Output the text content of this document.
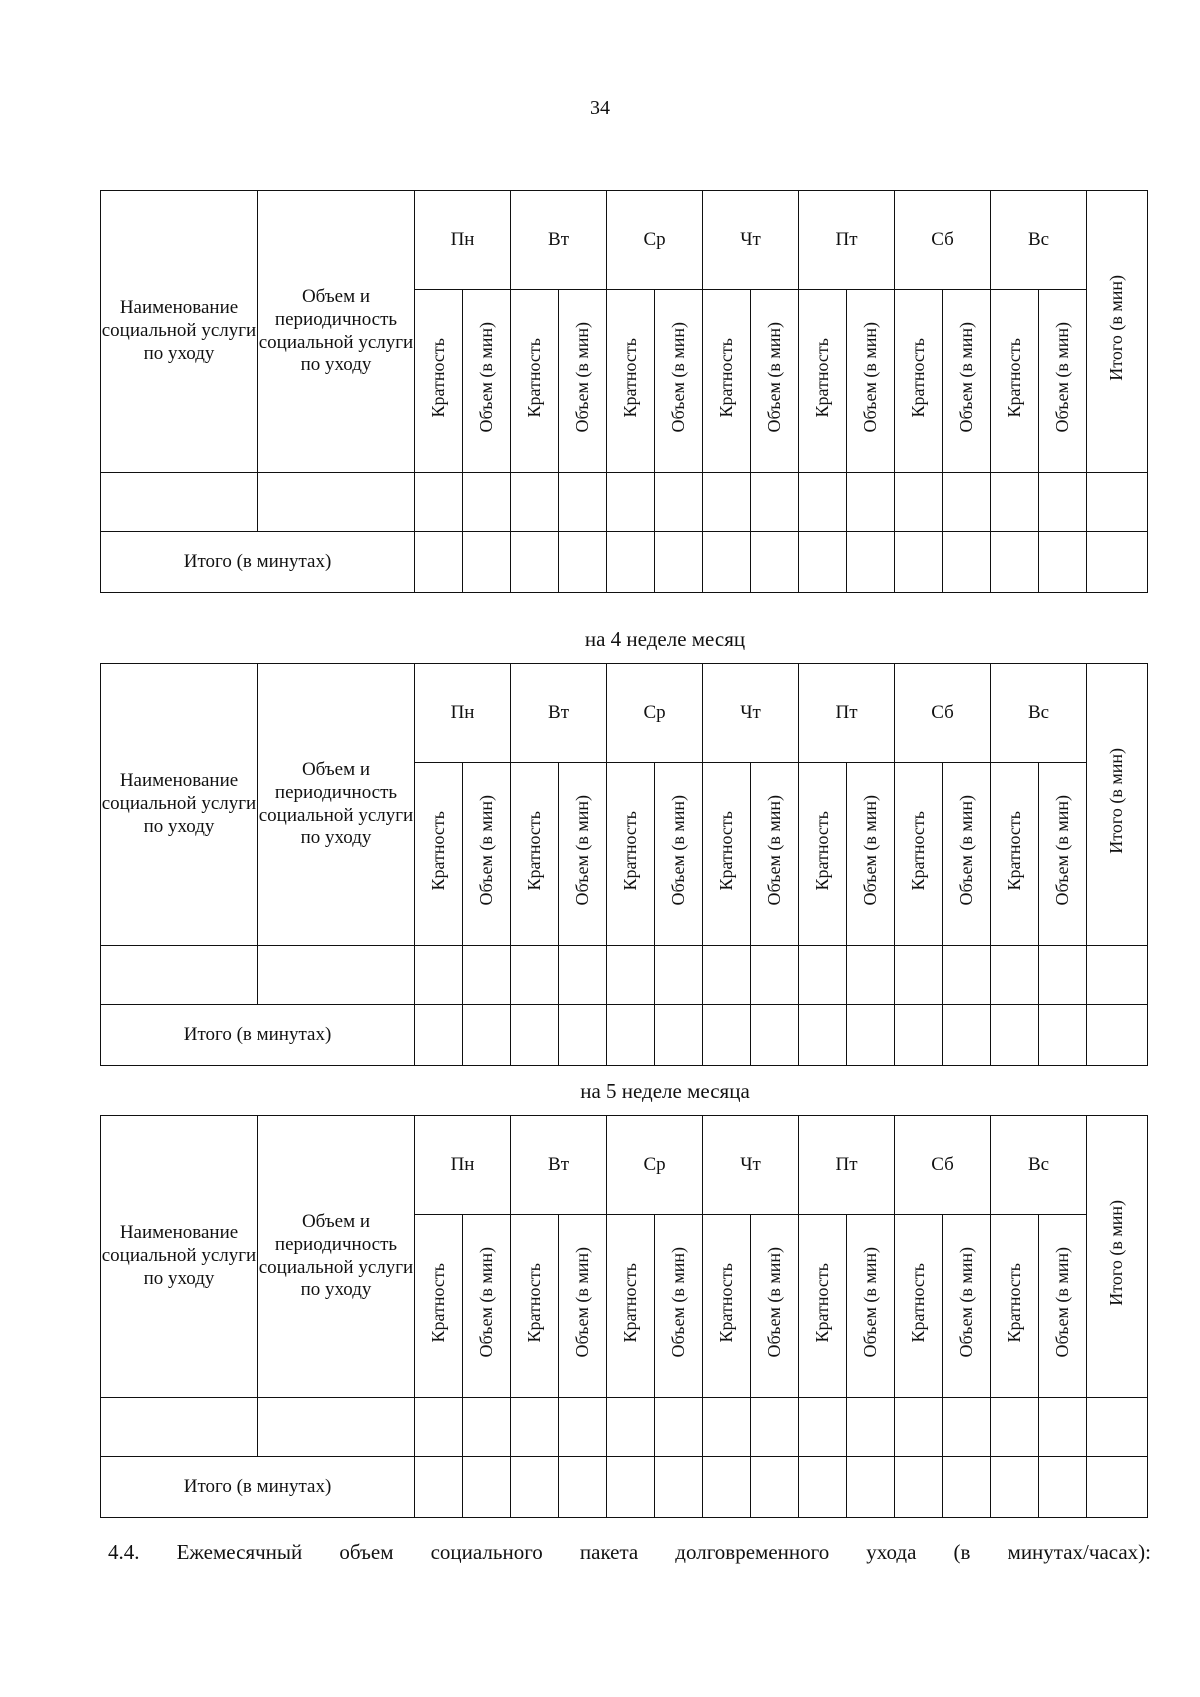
34
Наименование социальной услуги по уходу	Объем и периодичность социальной услуги по уходу	Пн		Вт		Ср		Чт		Пт		Сб		Вс		Итого (в мин)
		Кратность	Объем (в мин)	Кратность	Объем (в мин)	Кратность	Объем (в мин)	Кратность	Объем (в мин)	Кратность	Объем (в мин)	Кратность	Объем (в мин)	Кратность	Объем (в мин)	

Итого (в минутах)																
Наименование социальной услуги по уходу	Объем и периодичность социальной услуги по уходу	Пн		Вт		Ср		Чт		Пт		Сб		Вс		Итого (в мин)
		Кратность	Объем (в мин)	Кратность	Объем (в мин)	Кратность	Объем (в мин)	Кратность	Объем (в мин)	Кратность	Объем (в мин)	Кратность	Объем (в мин)	Кратность	Объем (в мин)	

Итого (в минутах)																
Наименование социальной услуги по уходу	Объем и периодичность социальной услуги по уходу	Пн		Вт		Ср		Чт		Пт		Сб		Вс		Итого (в мин)
		Кратность	Объем (в мин)	Кратность	Объем (в мин)	Кратность	Объем (в мин)	Кратность	Объем (в мин)	Кратность	Объем (в мин)	Кратность	Объем (в мин)	Кратность	Объем (в мин)	

Итого (в минутах)																
на 4 неделе месяц
на 5 неделе месяца
4.4. Ежемесячный объем социального пакета долговременного ухода (в минутах/часах):
